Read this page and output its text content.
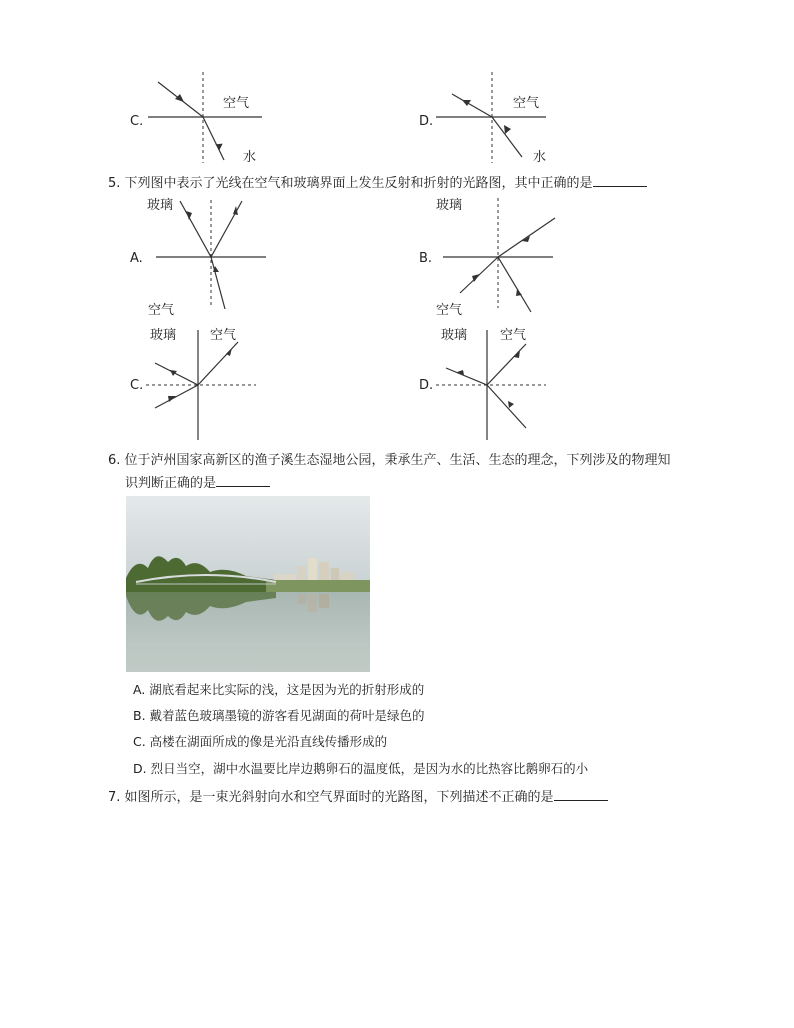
C.
空气
水
D.
空气
水
5. 下列图中表示了光线在空气和玻璃界面上发生反射和折射的光路图，其中正确的是
玻璃
A.
空气
玻璃
B.
空气
玻璃	空气
C.
玻璃	空气
D.
6. 位于泸州国家高新区的渔子溪生态湿地公园，秉承生产、生活、生态的理念，下列涉及的物理知
识判断正确的是
A. 湖底看起来比实际的浅，这是因为光的折射形成的
B. 戴着蓝色玻璃墨镜的游客看见湖面的荷叶是绿色的
C. 高楼在湖面所成的像是光沿直线传播形成的
D. 烈日当空，湖中水温要比岸边鹅卵石的温度低，是因为水的比热容比鹅卵石的小
7. 如图所示，是一束光斜射向水和空气界面时的光路图，下列描述不正确的是
